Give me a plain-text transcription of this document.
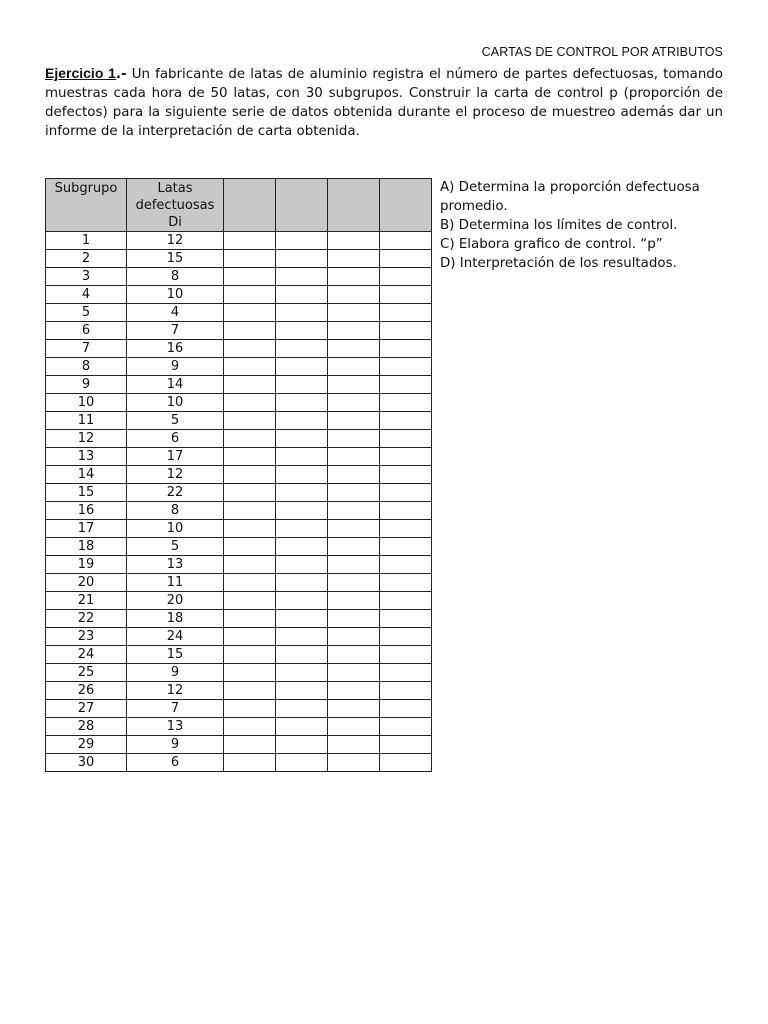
CARTAS DE CONTROL POR ATRIBUTOS

Ejercicio 1.- Un fabricante de latas de aluminio registra el número de partes defectuosas, tomando muestras cada hora de 50 latas, con 30 subgrupos. Construir la carta de control p (proporción de defectos) para la siguiente serie de datos obtenida durante el proceso de muestreo además dar un informe de la interpretación de carta obtenida.

Subgrupo	Latas defectuosas Di				
1	12				
2	15				
3	8				
4	10				
5	4				
6	7				
7	16				
8	9				
9	14				
10	10				
11	5				
12	6				
13	17				
14	12				
15	22				
16	8				
17	10				
18	5				
19	13				
20	11				
21	20				
22	18				
23	24				
24	15				
25	9				
26	12				
27	7				
28	13				
29	9				
30	6				
A) Determina la proporción defectuosa promedio.
B) Determina los límites de control.
C) Elabora grafico de control. “p”
D) Interpretación de los resultados.
